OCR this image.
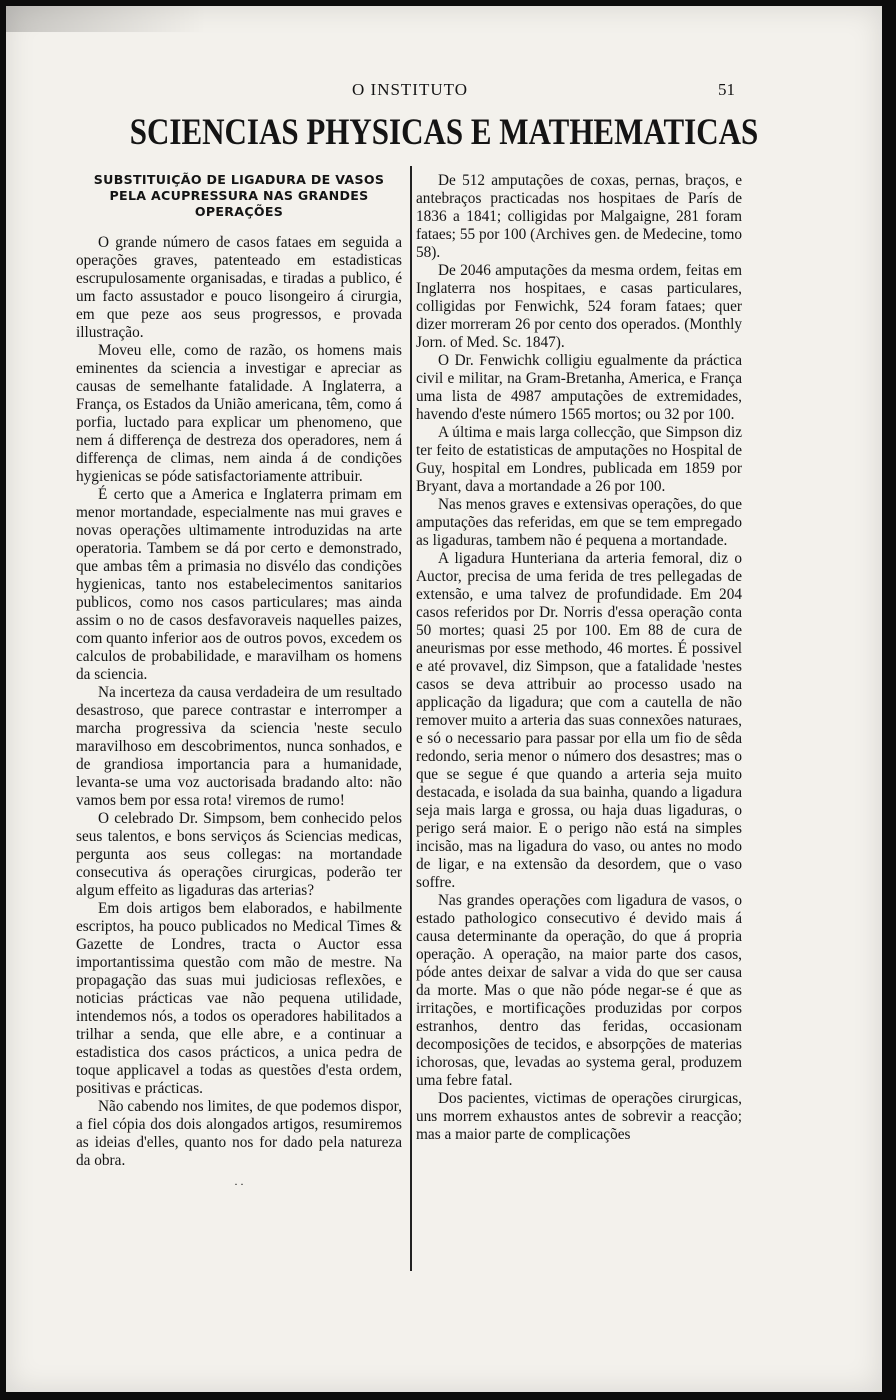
O INSTITUTO	51
SCIENCIAS PHYSICAS E MATHEMATICAS
SUBSTITUIÇÃO DE LIGADURA DE VASOS PELA ACUPRESSURA NAS GRANDES OPERAÇÕES

O grande número de casos fataes em seguida a operações graves, patenteado em estadisticas escrupulosamente organisadas, e tiradas a publico, é um facto assustador e pouco lisongeiro á cirurgia, em que peze aos seus progressos, e provada illustração.

Moveu elle, como de razão, os homens mais eminentes da sciencia a investigar e apreciar as causas de semelhante fatalidade. A Inglaterra, a França, os Estados da União americana, têm, como á porfia, luctado para explicar um phenomeno, que nem á differença de destreza dos operadores, nem á differença de climas, nem ainda á de condições hygienicas se póde satisfactoriamente attribuir.

É certo que a America e Inglaterra primam em menor mortandade, especialmente nas mui graves e novas operações ultimamente introduzidas na arte operatoria. Tambem se dá por certo e demonstrado, que ambas têm a primasia no disvélo das condições hygienicas, tanto nos estabelecimentos sanitarios publicos, como nos casos particulares; mas ainda assim o no de casos desfavoraveis naquelles paizes, com quanto inferior aos de outros povos, excedem os calculos de probabilidade, e maravilham os homens da sciencia.

Na incerteza da causa verdadeira de um resultado desastroso, que parece contrastar e interromper a marcha progressiva da sciencia 'neste seculo maravilhoso em descobrimentos, nunca sonhados, e de grandiosa importancia para a humanidade, levanta-se uma voz auctorisada bradando alto: não vamos bem por essa rota! viremos de rumo!

O celebrado Dr. Simpsom, bem conhecido pelos seus talentos, e bons serviços ás Sciencias medicas, pergunta aos seus collegas: na mortandade consecutiva ás operações cirurgicas, poderão ter algum effeito as ligaduras das arterias?

Em dois artigos bem elaborados, e habilmente escriptos, ha pouco publicados no Medical Times & Gazette de Londres, tracta o Auctor essa importantissima questão com mão de mestre. Na propagação das suas mui judiciosas reflexões, e noticias prácticas vae não pequena utilidade, intendemos nós, a todos os operadores habilitados a trilhar a senda, que elle abre, e a continuar a estadistica dos casos prácticos, a unica pedra de toque applicavel a todas as questões d'esta ordem, positivas e prácticas.

Não cabendo nos limites, de que podemos dispor, a fiel cópia dos dois alongados artigos, resumiremos as ideias d'elles, quanto nos for dado pela natureza da obra.

. .

De 512 amputações de coxas, pernas, braços, e antebraços practicadas nos hospitaes de París de 1836 a 1841; colligidas por Malgaigne, 281 foram fataes; 55 por 100 (Archives gen. de Medecine, tomo 58).

De 2046 amputações da mesma ordem, feitas em Inglaterra nos hospitaes, e casas particulares, colligidas por Fenwichk, 524 foram fataes; quer dizer morreram 26 por cento dos operados. (Monthly Jorn. of Med. Sc. 1847).

O Dr. Fenwichk colligiu egualmente da práctica civil e militar, na Gram-Bretanha, America, e França uma lista de 4987 amputações de extremidades, havendo d'este número 1565 mortos; ou 32 por 100.

A última e mais larga collecção, que Simpson diz ter feito de estatisticas de amputações no Hospital de Guy, hospital em Londres, publicada em 1859 por Bryant, dava a mortandade a 26 por 100.

Nas menos graves e extensivas operações, do que amputações das referidas, em que se tem empregado as ligaduras, tambem não é pequena a mortandade.

A ligadura Hunteriana da arteria femoral, diz o Auctor, precisa de uma ferida de tres pellegadas de extensão, e uma talvez de profundidade. Em 204 casos referidos por Dr. Norris d'essa operação conta 50 mortes; quasi 25 por 100. Em 88 de cura de aneurismas por esse methodo, 46 mortes. É possivel e até provavel, diz Simpson, que a fatalidade 'nestes casos se deva attribuir ao processo usado na applicação da ligadura; que com a cautella de não remover muito a arteria das suas connexões naturaes, e só o necessario para passar por ella um fio de sêda redondo, seria menor o número dos desastres; mas o que se segue é que quando a arteria seja muito destacada, e isolada da sua bainha, quando a ligadura seja mais larga e grossa, ou haja duas ligaduras, o perigo será maior. E o perigo não está na simples incisão, mas na ligadura do vaso, ou antes no modo de ligar, e na extensão da desordem, que o vaso soffre.

Nas grandes operações com ligadura de vasos, o estado pathologico consecutivo é devido mais á causa determinante da operação, do que á propria operação. A operação, na maior parte dos casos, póde antes deixar de salvar a vida do que ser causa da morte. Mas o que não póde negar-se é que as irritações, e mortificações produzidas por corpos estranhos, dentro das feridas, occasionam decomposições de tecidos, e absorpções de materias ichorosas, que, levadas ao systema geral, produzem uma febre fatal.

Dos pacientes, victimas de operações cirurgicas, uns morrem exhaustos antes de sobrevir a reacção; mas a maior parte de complicações
